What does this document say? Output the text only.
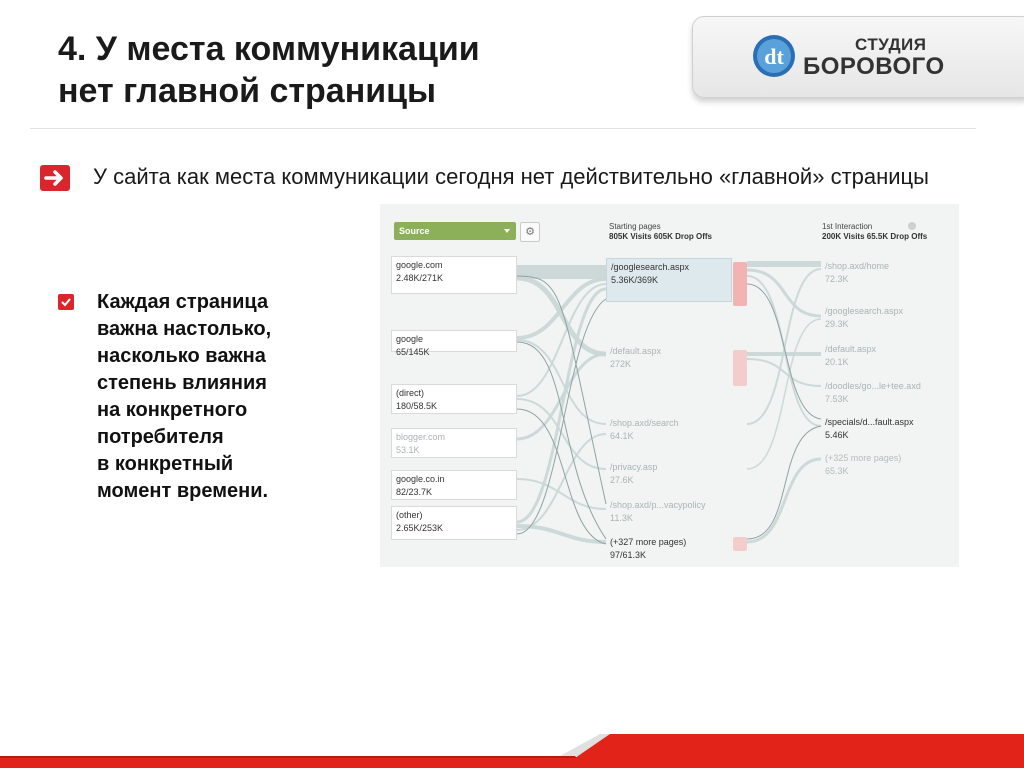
4. У места коммуникации
нет главной страницы
dt	СТУДИЯ
БОРОВОГО
У сайта как места коммуникации сегодня нет действительно «главной» страницы
Каждая страница
важна настолько,
насколько важна
степень влияния
на конкретного
потребителя
в конкретный
момент времени.
Source	⚙	Starting pages
805K Visits 605K Drop Offs
1st Interaction
200K Visits 65.5K Drop Offs
google.com
2.48K/271K
google
65/145K
(direct)
180/58.5K
blogger.com
53.1K
google.co.in
82/23.7K
(other)
2.65K/253K
/googlesearch.aspx
5.36K/369K
/default.aspx
272K
/shop.axd/search
64.1K
/privacy.asp
27.6K
/shop.axd/p...vacypolicy
11.3K
(+327 more pages)
97/61.3K
/shop.axd/home
72.3K
/googlesearch.aspx
29.3K
/default.aspx
20.1K
/doodles/go...le+tee.axd
7.53K
/specials/d...fault.aspx
5.46K
(+325 more pages)
65.3K
